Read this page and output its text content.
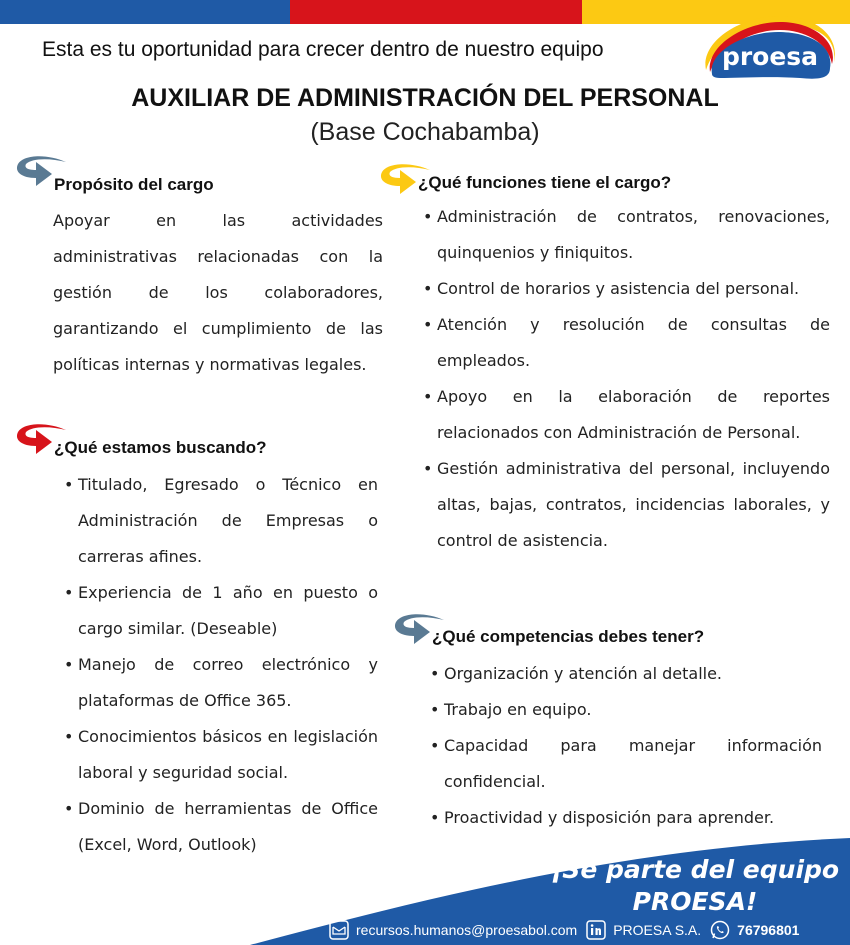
Esta es tu oportunidad para crecer dentro de nuestro equipo	proesa
AUXILIAR DE ADMINISTRACIÓN DEL PERSONAL
(Base Cochabamba)
Propósito del cargo
Apoyar en las actividades administrativas relacionadas con la gestión de los colaboradores, garantizando el cumplimiento de las políticas internas y normativas legales.
¿Qué estamos buscando?
• Titulado, Egresado o Técnico en Administración de Empresas o carreras afines.
• Experiencia de 1 año en puesto o cargo similar. (Deseable)
• Manejo de correo electrónico y plataformas de Office 365.
• Conocimientos básicos en legislación laboral y seguridad social.
• Dominio de herramientas de Office (Excel, Word, Outlook)
¿Qué funciones tiene el cargo?
• Administración de contratos, renovaciones, quinquenios y finiquitos.
• Control de horarios y asistencia del personal.
• Atención y resolución de consultas de empleados.
• Apoyo en la elaboración de reportes relacionados con Administración de Personal.
• Gestión administrativa del personal, incluyendo altas, bajas, contratos, incidencias laborales, y control de asistencia.
¿Qué competencias debes tener?
• Organización y atención al detalle.
• Trabajo en equipo.
• Capacidad para manejar información confidencial.
• Proactividad y disposición para aprender.
¡Se parte del equipo
PROESA!
recursos.humanos@proesabol.com	PROESA S.A.	76796801
